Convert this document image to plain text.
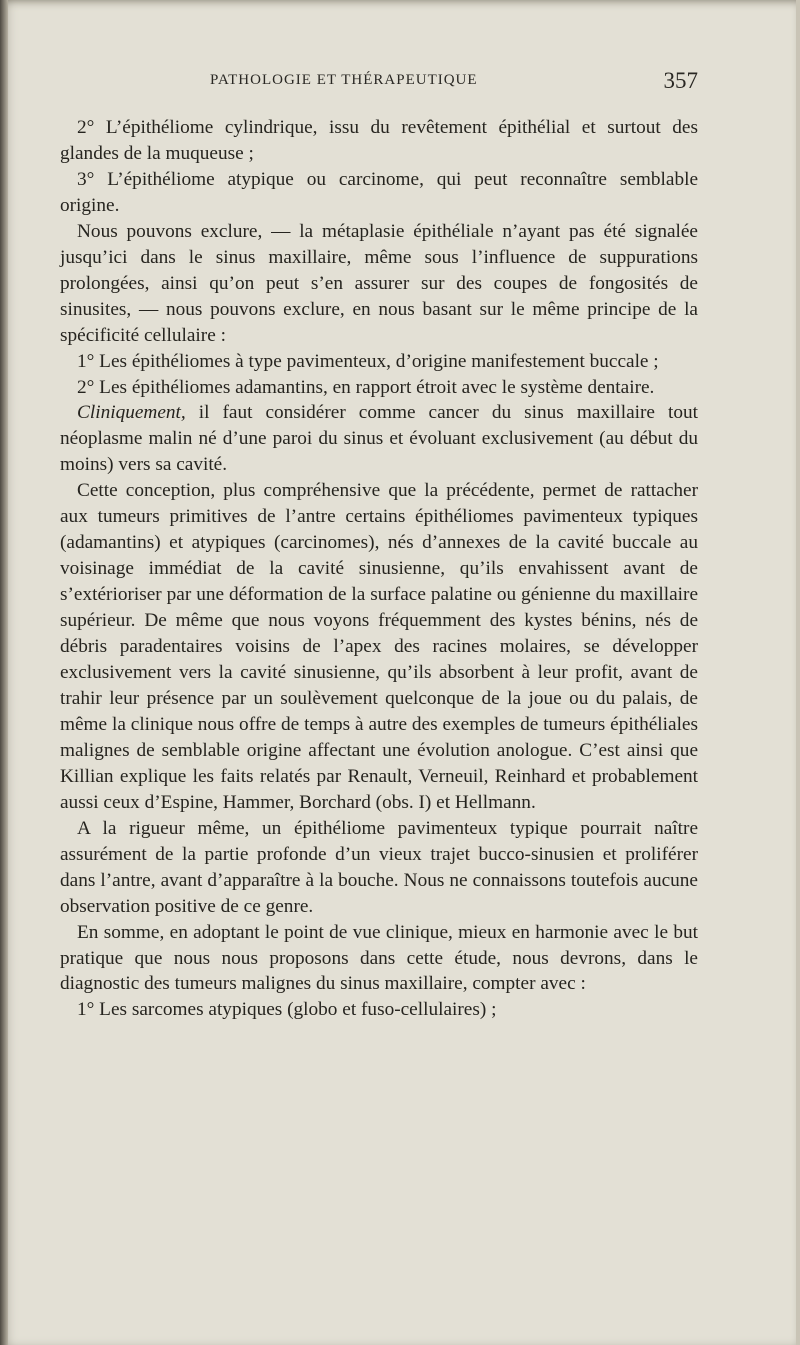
PATHOLOGIE ET THÉRAPEUTIQUE	357

2° L’épithéliome cylindrique, issu du revêtement épithélial et surtout des glandes de la muqueuse ;

3° L’épithéliome atypique ou carcinome, qui peut reconnaître semblable origine.

Nous pouvons exclure, — la métaplasie épithéliale n’ayant pas été signalée jusqu’ici dans le sinus maxillaire, même sous l’influence de suppurations prolongées, ainsi qu’on peut s’en assurer sur des coupes de fongosités de sinusites, — nous pouvons exclure, en nous basant sur le même principe de la spécificité cellulaire :

1° Les épithéliomes à type pavimenteux, d’origine manifestement buccale ;

2° Les épithéliomes adamantins, en rapport étroit avec le système dentaire.

Cliniquement, il faut considérer comme cancer du sinus maxillaire tout néoplasme malin né d’une paroi du sinus et évoluant exclusivement (au début du moins) vers sa cavité.

Cette conception, plus compréhensive que la précédente, permet de rattacher aux tumeurs primitives de l’antre certains épithéliomes pavimenteux typiques (adamantins) et atypiques (carcinomes), nés d’annexes de la cavité buccale au voisinage immédiat de la cavité sinusienne, qu’ils envahissent avant de s’extérioriser par une déformation de la surface palatine ou génienne du maxillaire supérieur. De même que nous voyons fréquemment des kystes bénins, nés de débris paradentaires voisins de l’apex des racines molaires, se développer exclusivement vers la cavité sinusienne, qu’ils absorbent à leur profit, avant de trahir leur présence par un soulèvement quelconque de la joue ou du palais, de même la clinique nous offre de temps à autre des exemples de tumeurs épithéliales malignes de semblable origine affectant une évolution anologue. C’est ainsi que Killian explique les faits relatés par Renault, Verneuil, Reinhard et probablement aussi ceux d’Espine, Hammer, Borchard (obs. I) et Hellmann.

A la rigueur même, un épithéliome pavimenteux typique pourrait naître assurément de la partie profonde d’un vieux trajet bucco-sinusien et proliférer dans l’antre, avant d’apparaître à la bouche. Nous ne connaissons toutefois aucune observation positive de ce genre.

En somme, en adoptant le point de vue clinique, mieux en harmonie avec le but pratique que nous nous proposons dans cette étude, nous devrons, dans le diagnostic des tumeurs malignes du sinus maxillaire, compter avec :

1° Les sarcomes atypiques (globo et fuso-cellulaires) ;
